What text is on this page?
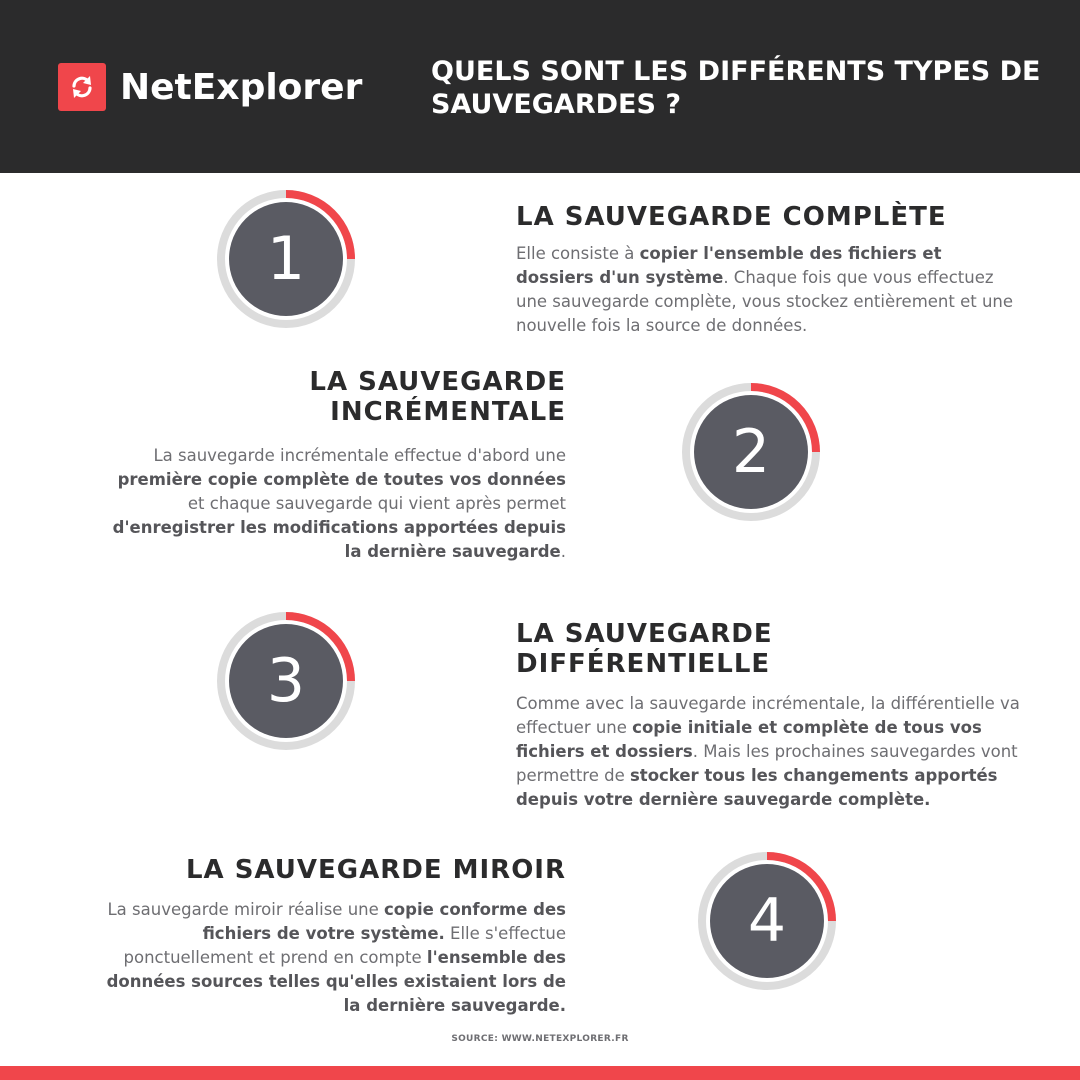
NetExplorer	QUELS SONT LES DIFFÉRENTS TYPES DE SAUVEGARDES ?
1
LA SAUVEGARDE COMPLÈTE
Elle consiste à copier l'ensemble des fichiers et dossiers d'un système. Chaque fois que vous effectuez une sauvegarde complète, vous stockez entièrement et une nouvelle fois la source de données.
LA SAUVEGARDE INCRÉMENTALE
La sauvegarde incrémentale effectue d'abord une première copie complète de toutes vos données et chaque sauvegarde qui vient après permet d'enregistrer les modifications apportées depuis la dernière sauvegarde.
2
3
LA SAUVEGARDE DIFFÉRENTIELLE
Comme avec la sauvegarde incrémentale, la différentielle va effectuer une copie initiale et complète de tous vos fichiers et dossiers. Mais les prochaines sauvegardes vont permettre de stocker tous les changements apportés depuis votre dernière sauvegarde complète.
LA SAUVEGARDE MIROIR
La sauvegarde miroir réalise une copie conforme des fichiers de votre système. Elle s'effectue ponctuellement et prend en compte l'ensemble des données sources telles qu'elles existaient lors de la dernière sauvegarde.
4
SOURCE: WWW.NETEXPLORER.FR
